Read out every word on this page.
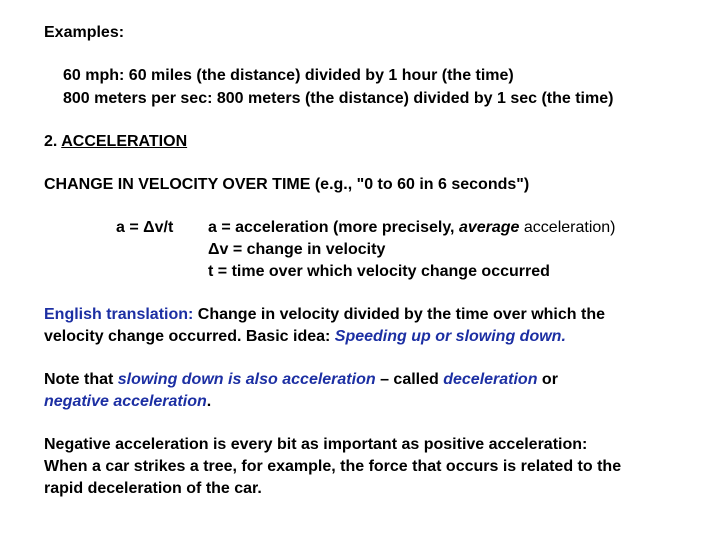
Examples:
60 mph: 60 miles (the distance) divided by 1 hour (the time)
800 meters per sec: 800 meters (the distance) divided by 1 sec (the time)
2. ACCELERATION
CHANGE IN VELOCITY OVER TIME (e.g., "0 to 60 in 6 seconds")
a = Δv/t a = acceleration (more precisely, average acceleration)
Δv = change in velocity
t = time over which velocity change occurred
English translation: Change in velocity divided by the time over which the
velocity change occurred. Basic idea: Speeding up or slowing down.
Note that slowing down is also acceleration – called deceleration or
negative acceleration.
Negative acceleration is every bit as important as positive acceleration:
When a car strikes a tree, for example, the force that occurs is related to the
rapid deceleration of the car.
